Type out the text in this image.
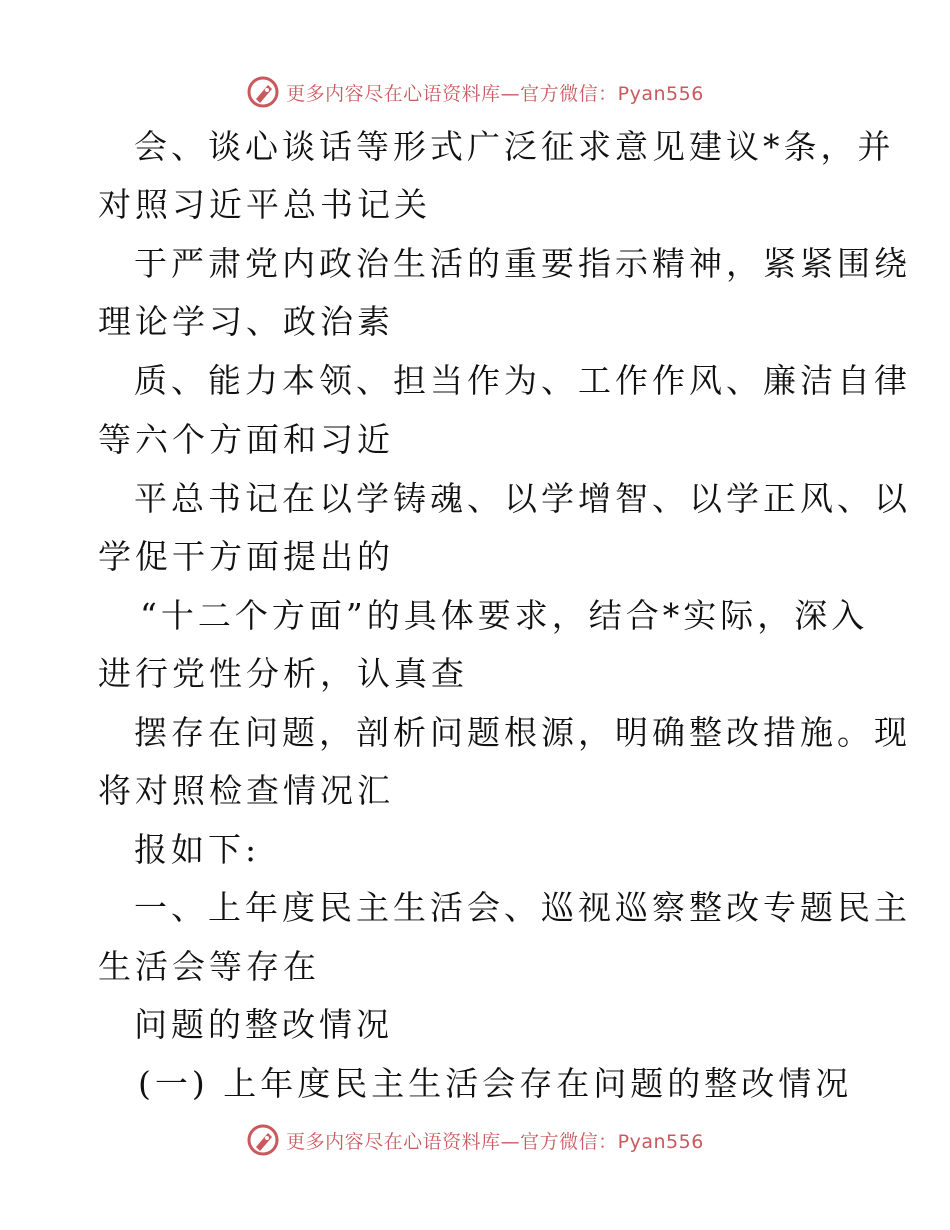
更多内容尽在心语资料库—官方微信：Pyan556
会、谈心谈话等形式广泛征求意见建议*条，并
对照习近平总书记关
于严肃党内政治生活的重要指示精神，紧紧围绕
理论学习、政治素
质、能力本领、担当作为、工作作风、廉洁自律
等六个方面和习近
平总书记在以学铸魂、以学增智、以学正风、以
学促干方面提出的
“十二个方面”的具体要求，结合*实际，深入
进行党性分析，认真查
摆存在问题，剖析问题根源，明确整改措施。现
将对照检查情况汇
报如下:
一、上年度民主生活会、巡视巡察整改专题民主
生活会等存在
问题的整改情况
(一) 上年度民主生活会存在问题的整改情况
更多内容尽在心语资料库—官方微信：Pyan556
